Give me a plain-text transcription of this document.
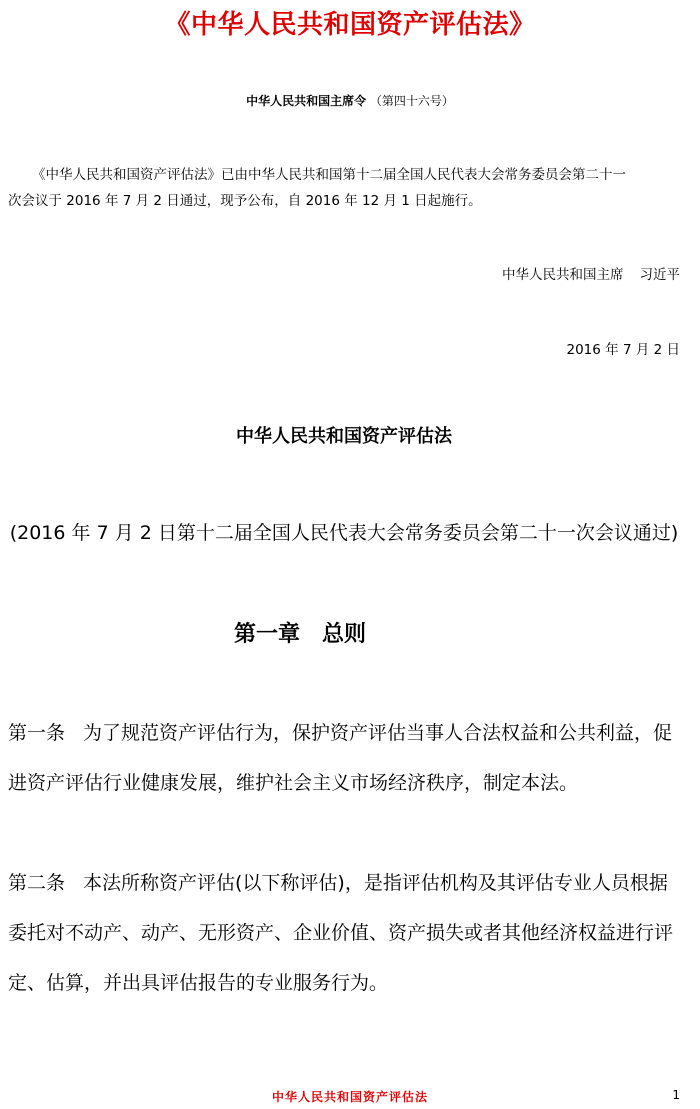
《中华人民共和国资产评估法》
中华人民共和国主席令 （第四十六号）
《中华人民共和国资产评估法》已由中华人民共和国第十二届全国人民代表大会常务委员会第二十一
次会议于 2016 年 7 月 2 日通过，现予公布，自 2016 年 12 月 1 日起施行。
中华人民共和国主席 习近平
2016 年 7 月 2 日
中华人民共和国资产评估法
(2016 年 7 月 2 日第十二届全国人民代表大会常务委员会第二十一次会议通过)
第一章 总则
第一条 为了规范资产评估行为，保护资产评估当事人合法权益和公共利益，促
进资产评估行业健康发展，维护社会主义市场经济秩序，制定本法。
第二条 本法所称资产评估(以下称评估)，是指评估机构及其评估专业人员根据
委托对不动产、动产、无形资产、企业价值、资产损失或者其他经济权益进行评
定、估算，并出具评估报告的专业服务行为。
中华人民共和国资产评估法	1
